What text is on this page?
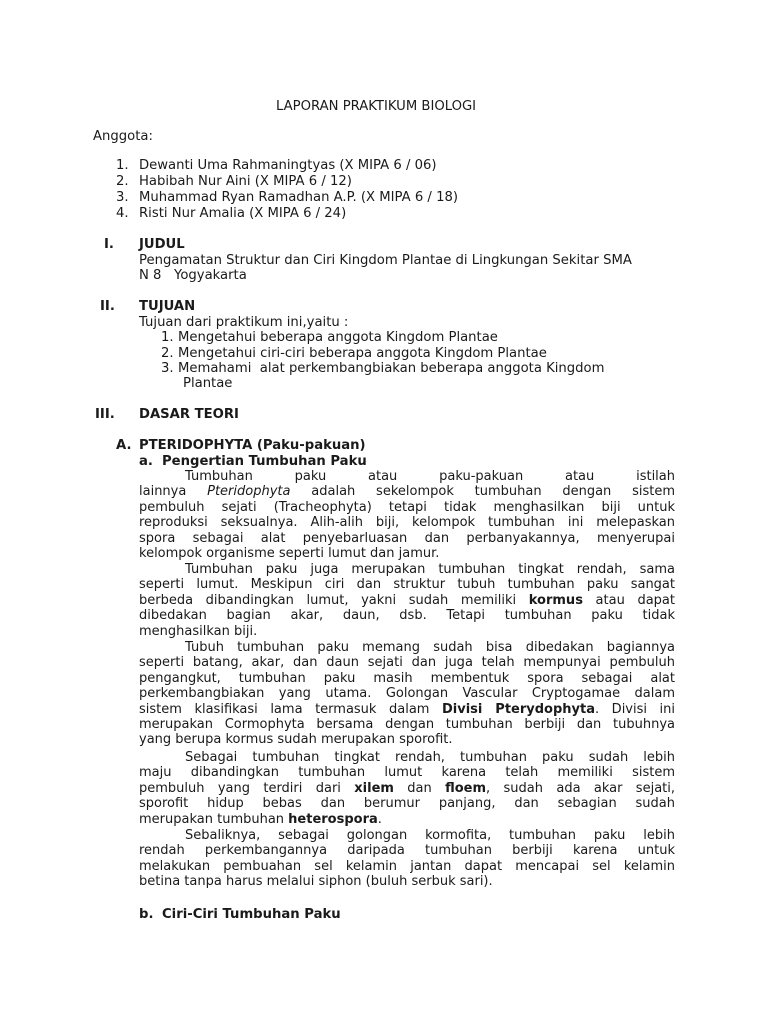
LAPORAN PRAKTIKUM BIOLOGI
Anggota:
1. Dewanti Uma Rahmaningtyas (X MIPA 6 / 06)
2. Habibah Nur Aini (X MIPA 6 / 12)
3. Muhammad Ryan Ramadhan A.P. (X MIPA 6 / 18)
4. Risti Nur Amalia (X MIPA 6 / 24)
I. JUDUL
Pengamatan Struktur dan Ciri Kingdom Plantae di Lingkungan Sekitar SMA
N 8   Yogyakarta
II. TUJUAN
Tujuan dari praktikum ini,yaitu :
1. Mengetahui beberapa anggota Kingdom Plantae
2. Mengetahui ciri-ciri beberapa anggota Kingdom Plantae
3. Memahami  alat perkembangbiakan beberapa anggota Kingdom
Plantae
III. DASAR TEORI
A. PTERIDOPHYTA (Paku-pakuan)
a. Pengertian Tumbuhan Paku
Tumbuhan paku atau paku-pakuan atau istilah
lainnya Pteridophyta adalah sekelompok tumbuhan dengan sistem
pembuluh sejati (Tracheophyta) tetapi tidak menghasilkan biji untuk
reproduksi seksualnya. Alih-alih biji, kelompok tumbuhan ini melepaskan
spora sebagai alat penyebarluasan dan perbanyakannya, menyerupai
kelompok organisme seperti lumut dan jamur.
Tumbuhan paku juga merupakan tumbuhan tingkat rendah, sama
seperti lumut. Meskipun ciri dan struktur tubuh tumbuhan paku sangat
berbeda dibandingkan lumut, yakni sudah memiliki kormus atau dapat
dibedakan bagian akar, daun, dsb. Tetapi tumbuhan paku tidak
menghasilkan biji.
Tubuh tumbuhan paku memang sudah bisa dibedakan bagiannya
seperti batang, akar, dan daun sejati dan juga telah mempunyai pembuluh
pengangkut, tumbuhan paku masih membentuk spora sebagai alat
perkembangbiakan yang utama. Golongan Vascular Cryptogamae dalam
sistem klasifikasi lama termasuk dalam Divisi Pterydophyta. Divisi ini
merupakan Cormophyta bersama dengan tumbuhan berbiji dan tubuhnya
yang berupa kormus sudah merupakan sporofit.
Sebagai tumbuhan tingkat rendah, tumbuhan paku sudah lebih
maju dibandingkan tumbuhan lumut karena telah memiliki sistem
pembuluh yang terdiri dari xilem dan floem, sudah ada akar sejati,
sporofit hidup bebas dan berumur panjang, dan sebagian sudah
merupakan tumbuhan heterospora.
Sebaliknya, sebagai golongan kormofita, tumbuhan paku lebih
rendah perkembangannya daripada tumbuhan berbiji karena untuk
melakukan pembuahan sel kelamin jantan dapat mencapai sel kelamin
betina tanpa harus melalui siphon (buluh serbuk sari).
b. Ciri-Ciri Tumbuhan Paku
